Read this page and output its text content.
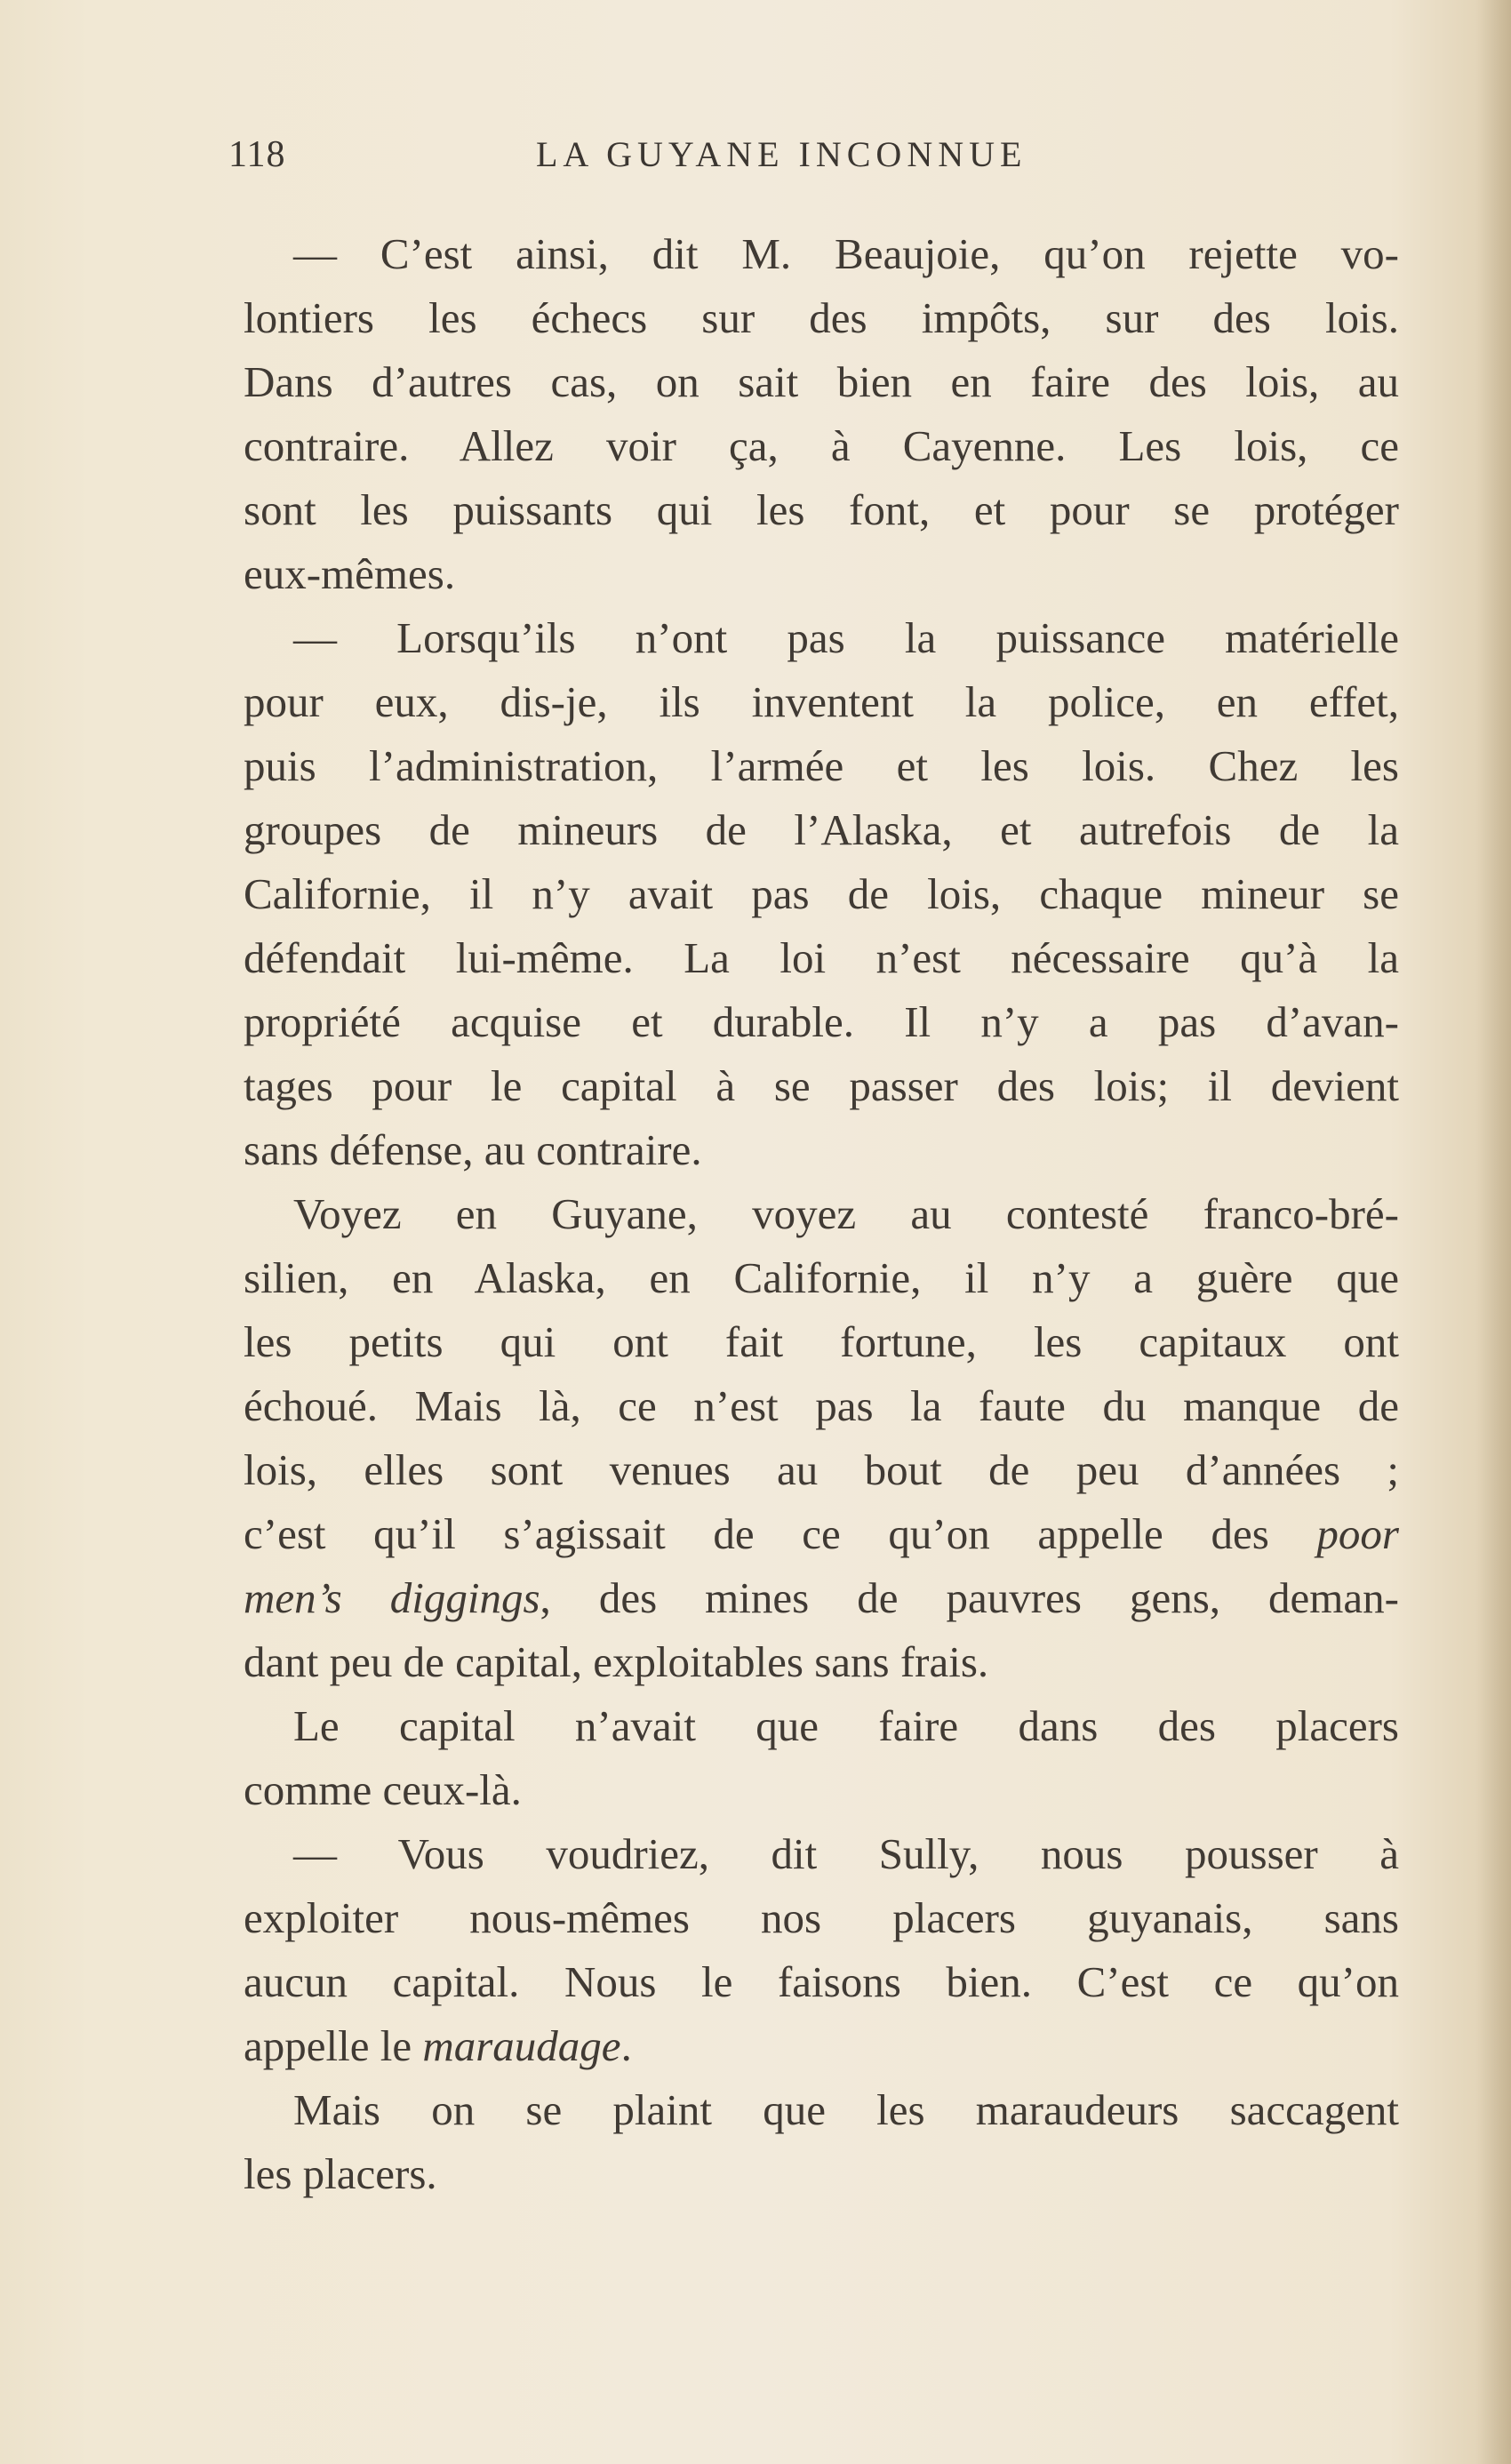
118	LA GUYANE INCONNUE
— C’est ainsi, dit M. Beaujoie, qu’on rejette vo-
lontiers les échecs sur des impôts, sur des lois.
Dans d’autres cas, on sait bien en faire des lois, au
contraire. Allez voir ça, à Cayenne. Les lois, ce
sont les puissants qui les font, et pour se protéger
eux-mêmes.
— Lorsqu’ils n’ont pas la puissance matérielle
pour eux, dis-je, ils inventent la police, en effet,
puis l’administration, l’armée et les lois. Chez les
groupes de mineurs de l’Alaska, et autrefois de la
Californie, il n’y avait pas de lois, chaque mineur se
défendait lui-même. La loi n’est nécessaire qu’à la
propriété acquise et durable. Il n’y a pas d’avan-
tages pour le capital à se passer des lois; il devient
sans défense, au contraire.
Voyez en Guyane, voyez au contesté franco-bré-
silien, en Alaska, en Californie, il n’y a guère que
les petits qui ont fait fortune, les capitaux ont
échoué. Mais là, ce n’est pas la faute du manque de
lois, elles sont venues au bout de peu d’années ;
c’est qu’il s’agissait de ce qu’on appelle des poor
men’s diggings, des mines de pauvres gens, deman-
dant peu de capital, exploitables sans frais.
Le capital n’avait que faire dans des placers
comme ceux-là.
— Vous voudriez, dit Sully, nous pousser à
exploiter nous-mêmes nos placers guyanais, sans
aucun capital. Nous le faisons bien. C’est ce qu’on
appelle le maraudage.
Mais on se plaint que les maraudeurs saccagent
les placers.
